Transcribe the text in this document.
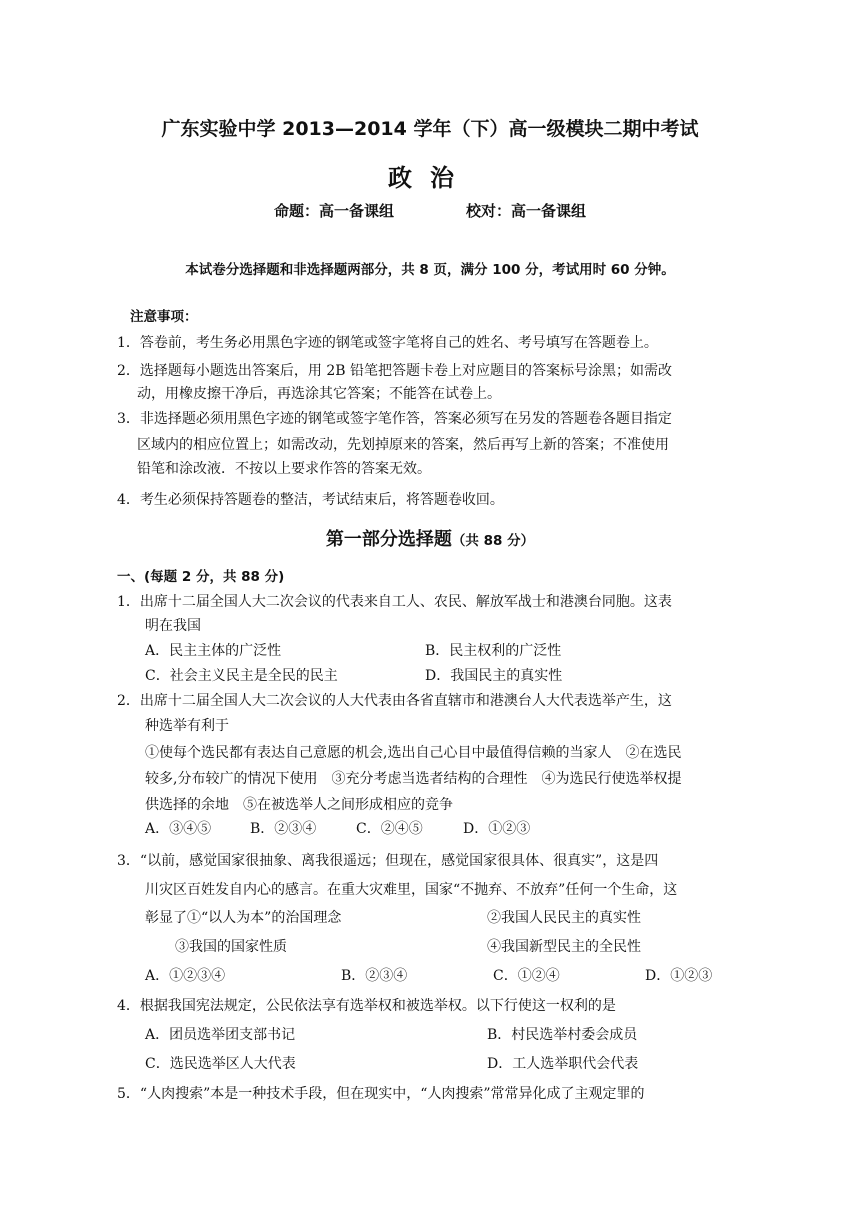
广东实验中学 2013—2014 学年（下）高一级模块二期中考试
政治
命题：高一备课组	校对：高一备课组
本试卷分选择题和非选择题两部分，共 8 页，满分 100 分，考试用时 60 分钟。
注意事项：
1．答卷前，考生务必用黑色字迹的钢笔或签字笔将自己的姓名、考号填写在答题卷上。
2．选择题每小题选出答案后，用 2B 铅笔把答题卡卷上对应题目的答案标号涂黑；如需改
动，用橡皮擦干净后，再选涂其它答案；不能答在试卷上。
3．非选择题必须用黑色字迹的钢笔或签字笔作答，答案必须写在另发的答题卷各题目指定
区域内的相应位置上；如需改动，先划掉原来的答案，然后再写上新的答案；不准使用
铅笔和涂改液．不按以上要求作答的答案无效。
4．考生必须保持答题卷的整洁，考试结束后，将答题卷收回。
第一部分选择题（共 88 分）
一、(每题 2 分，共 88 分)
1．出席十二届全国人大二次会议的代表来自工人、农民、解放军战士和港澳台同胞。这表
明在我国
A．民主主体的广泛性	B．民主权利的广泛性
C．社会主义民主是全民的民主	D．我国民主的真实性
2．出席十二届全国人大二次会议的人大代表由各省直辖市和港澳台人大代表选举产生，这
种选举有利于
①使每个选民都有表达自己意愿的机会,选出自己心目中最值得信赖的当家人　②在选民
较多,分布较广的情况下使用　③充分考虑当选者结构的合理性　④为选民行使选举权提
供选择的余地　⑤在被选举人之间形成相应的竞争
A．③④⑤	B．②③④	C．②④⑤	D．①②③
3．“以前，感觉国家很抽象、离我很遥远；但现在，感觉国家很具体、很真实”，这是四
川灾区百姓发自内心的感言。在重大灾难里，国家“不抛弃、不放弃”任何一个生命，这
彰显了①“以人为本”的治国理念	②我国人民民主的真实性
③我国的国家性质	④我国新型民主的全民性
A．①②③④	B．②③④	C．①②④	D．①②③
4．根据我国宪法规定，公民依法享有选举权和被选举权。以下行使这一权利的是
A．团员选举团支部书记	B．村民选举村委会成员
C．选民选举区人大代表	D．工人选举职代会代表
5．“人肉搜索”本是一种技术手段，但在现实中，“人肉搜索”常常异化成了主观定罪的
